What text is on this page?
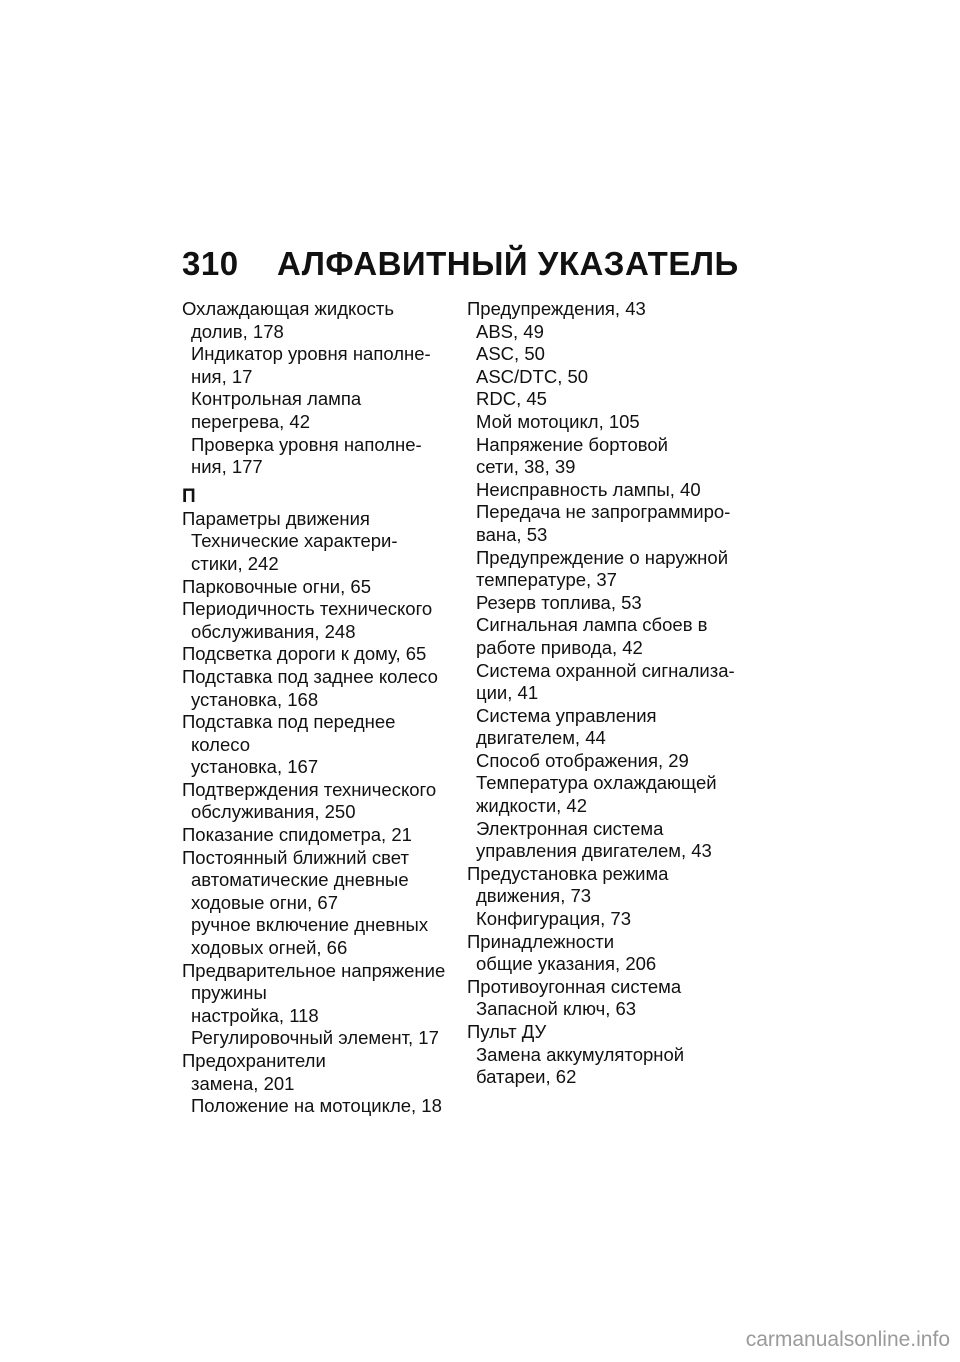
310 АЛФАВИТНЫЙ УКАЗАТЕЛЬ
Охлаждающая жидкость
долив, 178
Индикатор уровня наполне-
ния, 17
Контрольная лампа
перегрева, 42
Проверка уровня наполне-
ния, 177
П
Параметры движения
Технические характери-
стики, 242
Парковочные огни, 65
Периодичность технического
обслуживания, 248
Подсветка дороги к дому, 65
Подставка под заднее колесо
установка, 168
Подставка под переднее
колесо
установка, 167
Подтверждения технического
обслуживания, 250
Показание спидометра, 21
Постоянный ближний свет
автоматические дневные
ходовые огни, 67
ручное включение дневных
ходовых огней, 66
Предварительное напряжение
пружины
настройка, 118
Регулировочный элемент, 17
Предохранители
замена, 201
Положение на мотоцикле, 18
Предупреждения, 43
ABS, 49
ASC, 50
ASC/DTC, 50
RDC, 45
Мой мотоцикл, 105
Напряжение бортовой
сети, 38, 39
Неисправность лампы, 40
Передача не запрограммиро-
вана, 53
Предупреждение о наружной
температуре, 37
Резерв топлива, 53
Сигнальная лампа сбоев в
работе привода, 42
Система охранной сигнализа-
ции, 41
Система управления
двигателем, 44
Способ отображения, 29
Температура охлаждающей
жидкости, 42
Электронная система
управления двигателем, 43
Предустановка режима
движения, 73
Конфигурация, 73
Принадлежности
общие указания, 206
Противоугонная система
Запасной ключ, 63
Пульт ДУ
Замена аккумуляторной
батареи, 62
carmanualsonline.info
